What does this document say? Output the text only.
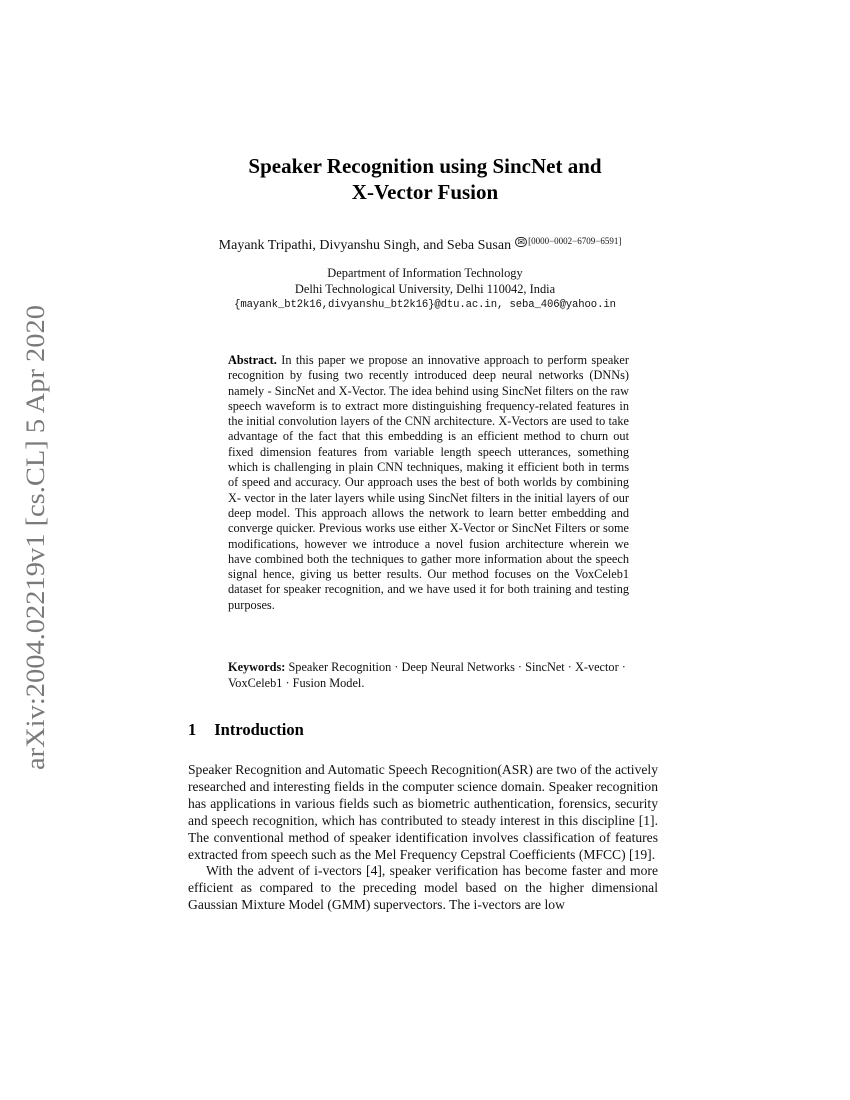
arXiv:2004.02219v1 [cs.CL] 5 Apr 2020
Speaker Recognition using SincNet and
X-Vector Fusion
Mayank Tripathi, Divyanshu Singh, and Seba Susan ✉ [0000−0002−6709−6591]
Department of Information Technology
Delhi Technological University, Delhi 110042, India
{mayank_bt2k16,divyanshu_bt2k16}@dtu.ac.in, seba_406@yahoo.in
Abstract. In this paper we propose an innovative approach to perform speaker recognition by fusing two recently introduced deep neural networks (DNNs) namely - SincNet and X-Vector. The idea behind using SincNet filters on the raw speech waveform is to extract more distinguishing frequency-related features in the initial convolution layers of the CNN architecture. X-Vectors are used to take advantage of the fact that this embedding is an efficient method to churn out fixed dimension features from variable length speech utterances, something which is challenging in plain CNN techniques, making it efficient both in terms of speed and accuracy. Our approach uses the best of both worlds by combining X- vector in the later layers while using SincNet filters in the initial layers of our deep model. This approach allows the network to learn better embedding and converge quicker. Previous works use either X-Vector or SincNet Filters or some modifications, however we introduce a novel fusion architecture wherein we have combined both the techniques to gather more information about the speech signal hence, giving us better results. Our method focuses on the VoxCeleb1 dataset for speaker recognition, and we have used it for both training and testing purposes.
Keywords: Speaker Recognition · Deep Neural Networks · SincNet · X-vector · VoxCeleb1 · Fusion Model.
1 Introduction

Speaker Recognition and Automatic Speech Recognition(ASR) are two of the actively researched and interesting fields in the computer science domain. Speaker recognition has applications in various fields such as biometric authentication, forensics, security and speech recognition, which has contributed to steady interest in this discipline [1]. The conventional method of speaker identification involves classification of features extracted from speech such as the Mel Frequency Cepstral Coefficients (MFCC) [19].

With the advent of i-vectors [4], speaker verification has become faster and more efficient as compared to the preceding model based on the higher dimensional Gaussian Mixture Model (GMM) supervectors. The i-vectors are low
